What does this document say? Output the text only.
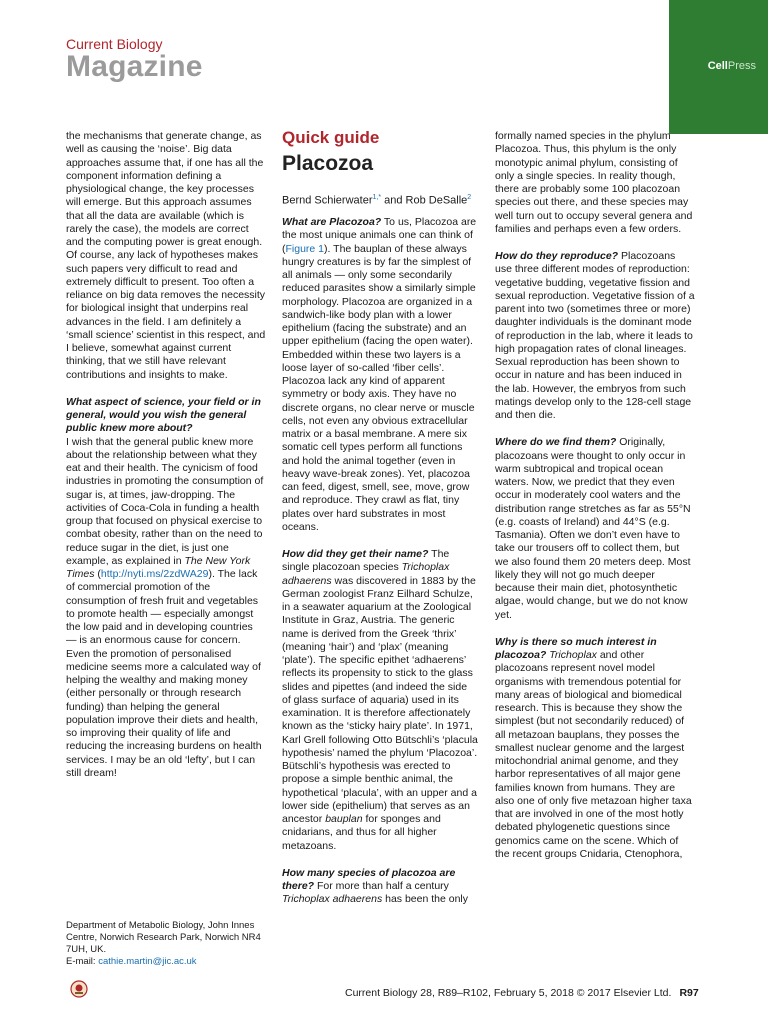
Current Biology
Magazine	CellPress

the mechanisms that generate change, as well as causing the ‘noise’. Big data approaches assume that, if one has all the component information defining a physiological change, the key processes will emerge. But this approach assumes that all the data are available (which is rarely the case), the models are correct and the computing power is great enough. Of course, any lack of hypotheses makes such papers very difficult to read and extremely difficult to present. Too often a reliance on big data removes the necessity for biological insight that underpins real advances in the field. I am definitely a ‘small science’ scientist in this respect, and I believe, somewhat against current thinking, that we still have relevant contributions and insights to make.

What aspect of science, your field or in general, would you wish the general public knew more about?
I wish that the general public knew more about the relationship between what they eat and their health. The cynicism of food industries in promoting the consumption of sugar is, at times, jaw-dropping. The activities of Coca-Cola in funding a health group that focused on physical exercise to combat obesity, rather than on the need to reduce sugar in the diet, is just one example, as explained in The New York Times (http://nyti.ms/2zdWA29). The lack of commercial promotion of the consumption of fresh fruit and vegetables to promote health — especially amongst the low paid and in developing countries — is an enormous cause for concern. Even the promotion of personalised medicine seems more a calculated way of helping the wealthy and making money (either personally or through research funding) than helping the general population improve their diets and health, so improving their quality of life and reducing the increasing burdens on health services. I may be an old ‘lefty’, but I can still dream!

Department of Metabolic Biology, John Innes Centre, Norwich Research Park, Norwich NR4 7UH, UK.
E-mail: cathie.martin@jic.ac.uk
Quick guide
Placozoa
Bernd Schierwater$^{1,*}$ and Rob DeSalle$^2$

What are Placozoa? To us, Placozoa are the most unique animals one can think of (Figure 1). The bauplan of these always hungry creatures is by far the simplest of all animals — only some secondarily reduced parasites show a similarly simple morphology. Placozoa are organized in a sandwich-like body plan with a lower epithelium (facing the substrate) and an upper epithelium (facing the open water). Embedded within these two layers is a loose layer of so-called ‘fiber cells’. Placozoa lack any kind of apparent symmetry or body axis. They have no discrete organs, no clear nerve or muscle cells, not even any obvious extracellular matrix or a basal membrane. A mere six somatic cell types perform all functions and hold the animal together (even in heavy wave-break zones). Yet, placozoa can feed, digest, smell, see, move, grow and reproduce. They crawl as flat, tiny plates over hard substrates in most oceans.

How did they get their name? The single placozoan species Trichoplax adhaerens was discovered in 1883 by the German zoologist Franz Eilhard Schulze, in a seawater aquarium at the Zoological Institute in Graz, Austria. The generic name is derived from the Greek ‘thrix’ (meaning ‘hair’) and ‘plax’ (meaning ‘plate’). The specific epithet ‘adhaerens’ reflects its propensity to stick to the glass slides and pipettes (and indeed the side of glass surface of aquaria) used in its examination. It is therefore affectionately known as the ‘sticky hairy plate’. In 1971, Karl Grell following Otto Bütschli’s ‘placula hypothesis’ named the phylum ‘Placozoa’. Bütschli’s hypothesis was erected to propose a simple benthic animal, the hypothetical ‘placula’, with an upper and a lower side (epithelium) that serves as an ancestor bauplan for sponges and cnidarians, and thus for all higher metazoans.

How many species of placozoa are there? For more than half a century Trichoplax adhaerens has been the only

formally named species in the phylum Placozoa. Thus, this phylum is the only monotypic animal phylum, consisting of only a single species. In reality though, there are probably some 100 placozoan species out there, and these species may well turn out to occupy several genera and families and perhaps even a few orders.

How do they reproduce? Placozoans use three different modes of reproduction: vegetative budding, vegetative fission and sexual reproduction. Vegetative fission of a parent into two (sometimes three or more) daughter individuals is the dominant mode of reproduction in the lab, where it leads to high propagation rates of clonal lineages. Sexual reproduction has been shown to occur in nature and has been induced in the lab. However, the embryos from such matings develop only to the 128-cell stage and then die.

Where do we find them? Originally, placozoans were thought to only occur in warm subtropical and tropical ocean waters. Now, we predict that they even occur in moderately cool waters and the distribution range stretches as far as 55°N (e.g. coasts of Ireland) and 44°S (e.g. Tasmania). Often we don’t even have to take our trousers off to collect them, but we also found them 20 meters deep. Most likely they will not go much deeper because their main diet, photosynthetic algae, would change, but we do not know yet.

Why is there so much interest in placozoa? Trichoplax and other placozoans represent novel model organisms with tremendous potential for many areas of biological and biomedical research. This is because they show the simplest (but not secondarily reduced) of all metazoan bauplans, they posses the smallest nuclear genome and the largest mitochondrial animal genome, and they harbor representatives of all major gene families known from humans. They are also one of only five metazoan higher taxa that are involved in one of the most hotly debated phylogenetic questions since genomics came on the scene. Which of the recent groups Cnidaria, Ctenophora,

Current Biology 28, R89–R102, February 5, 2018 © 2017 Elsevier Ltd. R97
